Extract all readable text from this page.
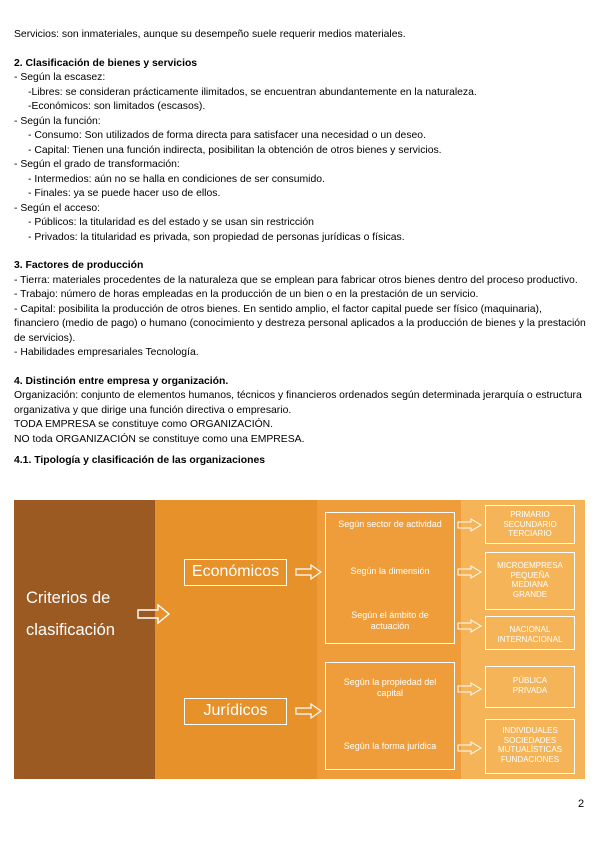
Servicios: son inmateriales, aunque su desempeño suele requerir medios materiales.
2. Clasificación de bienes y servicios
- Según la escasez:
-Libres: se consideran prácticamente ilimitados, se encuentran abundantemente en la naturaleza.
-Económicos: son limitados (escasos).
- Según la función:
- Consumo: Son utilizados de forma directa para satisfacer una necesidad o un deseo.
- Capital: Tienen una función indirecta, posibilitan la obtención de otros bienes y servicios.
- Según el grado de transformación:
- Intermedios: aún no se halla en condiciones de ser consumido.
- Finales: ya se puede hacer uso de ellos.
- Según el acceso:
- Públicos: la titularidad es del estado y se usan sin restricción
- Privados: la titularidad es privada, son propiedad de personas jurídicas o físicas.
3. Factores de producción
- Tierra: materiales procedentes de la naturaleza que se emplean para fabricar otros bienes dentro del proceso productivo.
- Trabajo: número de horas empleadas en la producción de un bien o en la prestación de un servicio.
- Capital: posibilita la producción de otros bienes. En sentido amplio, el factor capital puede ser físico (maquinaria), financiero (medio de pago) o humano (conocimiento y destreza personal aplicados a la producción de bienes y la prestación de servicios).
- Habilidades empresariales Tecnología.
4. Distinción entre empresa y organización.
Organización: conjunto de elementos humanos, técnicos y financieros ordenados según determinada jerarquía o estructura organizativa y que dirige una función directiva o empresario.
TODA EMPRESA se constituye como ORGANIZACIÓN.
NO toda ORGANIZACIÓN se constituye como una EMPRESA.
4.1. Tipología y clasificación de las organizaciones
Criterios de clasificación
Económicos
Jurídicos
Según sector de actividad
Según la dimensión
Según el ámbito de actuación
Según la propiedad del capital
Según la forma jurídica
PRIMARIO SECUNDARIO TERCIARIO
MICROEMPRESA PEQUEÑA MEDIANA GRANDE
NACIONAL INTERNACIONAL
PÚBLICA PRIVADA
INDIVIDUALES SOCIEDADES MUTUALÍSTICAS FUNDACIONES
2
